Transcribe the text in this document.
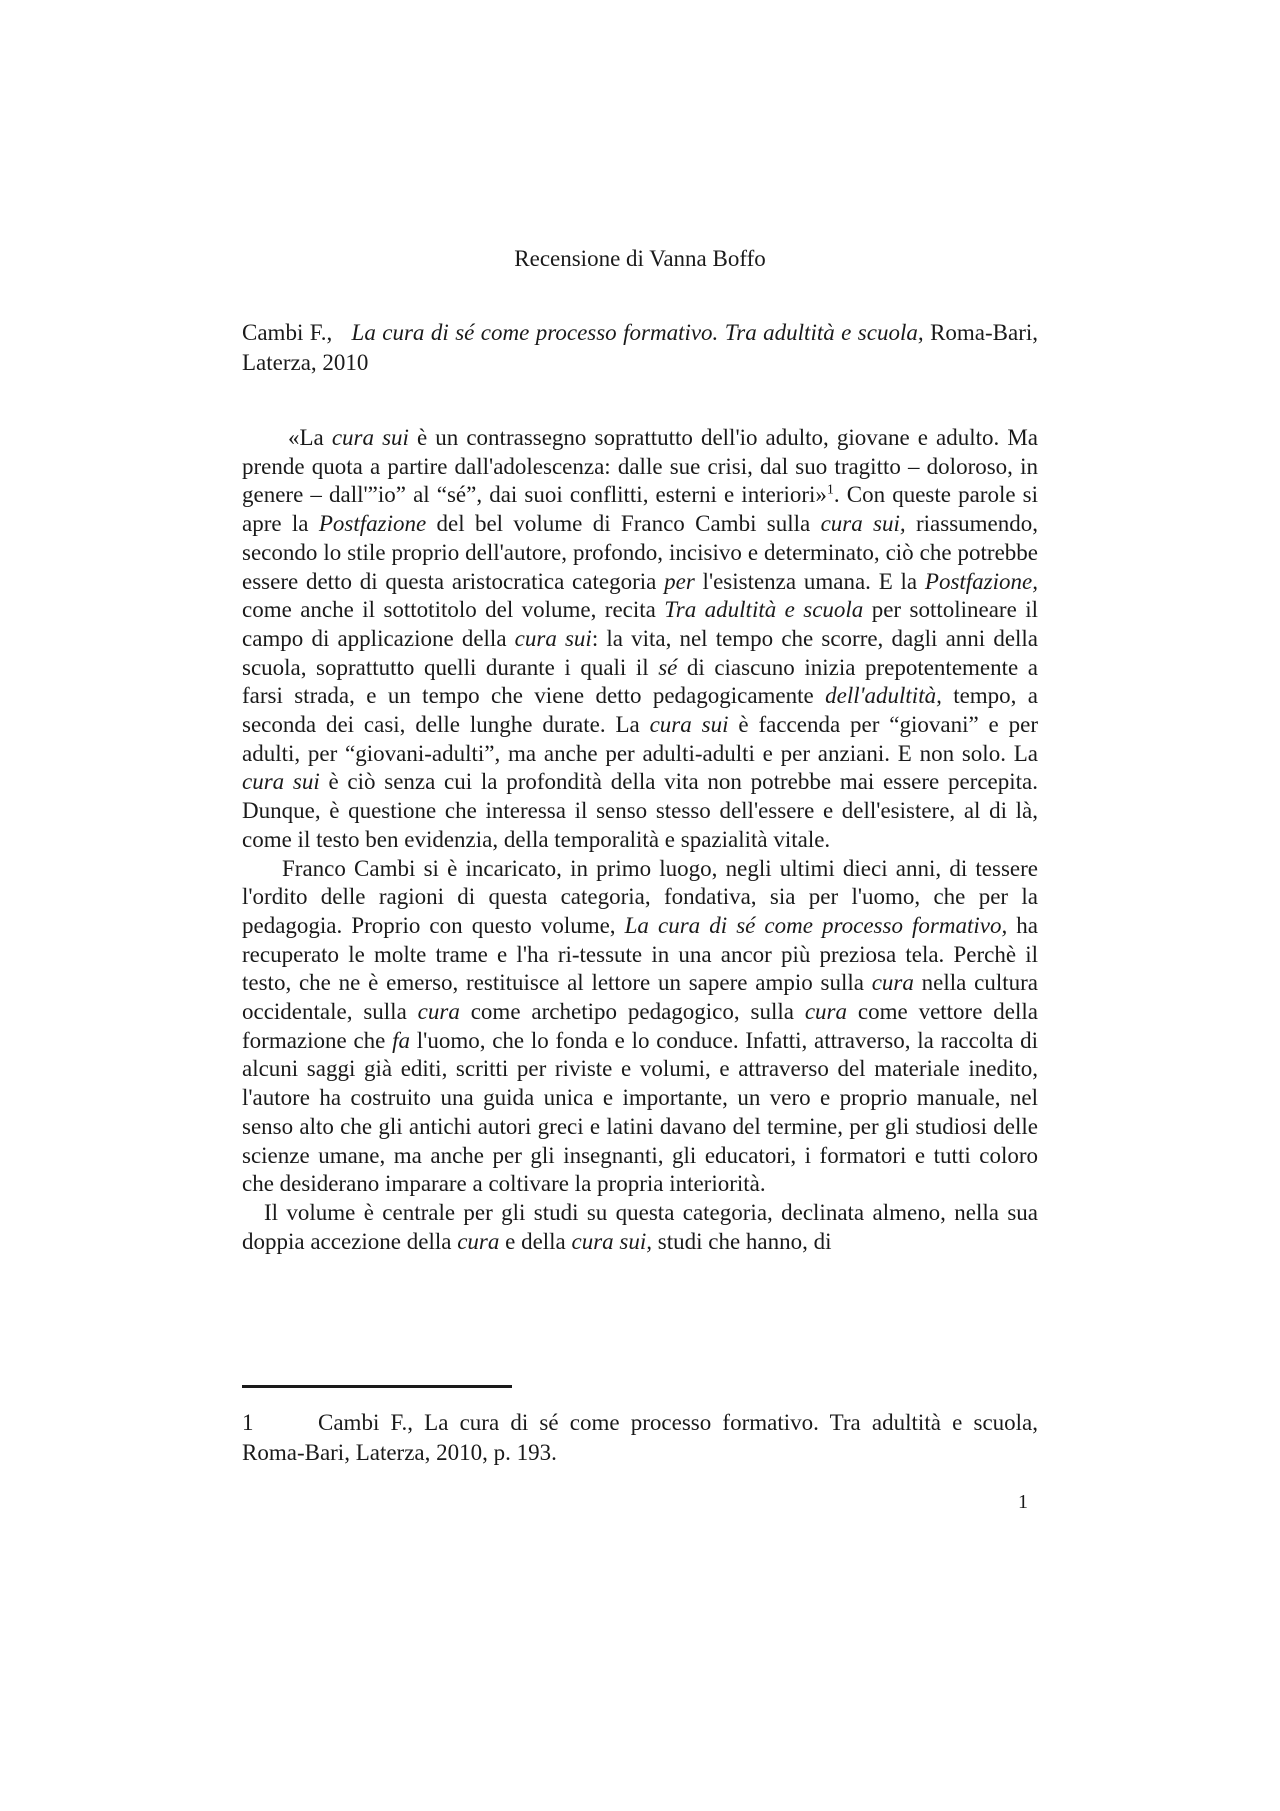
Recensione di Vanna Boffo
Cambi F., La cura di sé come processo formativo. Tra adultità e scuola, Roma-Bari, Laterza, 2010

«La cura sui è un contrassegno soprattutto dell'io adulto, giovane e adulto. Ma prende quota a partire dall'adolescenza: dalle sue crisi, dal suo tragitto – doloroso, in genere – dall'”io” al “sé”, dai suoi conflitti, esterni e interiori»$^1$. Con queste parole si apre la Postfazione del bel volume di Franco Cambi sulla cura sui, riassumendo, secondo lo stile proprio dell'autore, profondo, incisivo e determinato, ciò che potrebbe essere detto di questa aristocratica categoria per l'esistenza umana. E la Postfazione, come anche il sottotitolo del volume, recita Tra adultità e scuola per sottolineare il campo di applicazione della cura sui: la vita, nel tempo che scorre, dagli anni della scuola, soprattutto quelli durante i quali il sé di ciascuno inizia prepotentemente a farsi strada, e un tempo che viene detto pedagogicamente dell'adultità, tempo, a seconda dei casi, delle lunghe durate. La cura sui è faccenda per “giovani” e per adulti, per “giovani-adulti”, ma anche per adulti-adulti e per anziani. E non solo. La cura sui è ciò senza cui la profondità della vita non potrebbe mai essere percepita. Dunque, è questione che interessa il senso stesso dell'essere e dell'esistere, al di là, come il testo ben evidenzia, della temporalità e spazialità vitale.

Franco Cambi si è incaricato, in primo luogo, negli ultimi dieci anni, di tessere l'ordito delle ragioni di questa categoria, fondativa, sia per l'uomo, che per la pedagogia. Proprio con questo volume, La cura di sé come processo formativo, ha recuperato le molte trame e l'ha ri-tessute in una ancor più preziosa tela. Perchè il testo, che ne è emerso, restituisce al lettore un sapere ampio sulla cura nella cultura occidentale, sulla cura come archetipo pedagogico, sulla cura come vettore della formazione che fa l'uomo, che lo fonda e lo conduce. Infatti, attraverso, la raccolta di alcuni saggi già editi, scritti per riviste e volumi, e attraverso del materiale inedito, l'autore ha costruito una guida unica e importante, un vero e proprio manuale, nel senso alto che gli antichi autori greci e latini davano del termine, per gli studiosi delle scienze umane, ma anche per gli insegnanti, gli educatori, i formatori e tutti coloro che desiderano imparare a coltivare la propria interiorità.

Il volume è centrale per gli studi su questa categoria, declinata almeno, nella sua doppia accezione della cura e della cura sui, studi che hanno, di

1	Cambi F., La cura di sé come processo formativo. Tra adultità e scuola, Roma-Bari, Laterza, 2010, p. 193.
1
